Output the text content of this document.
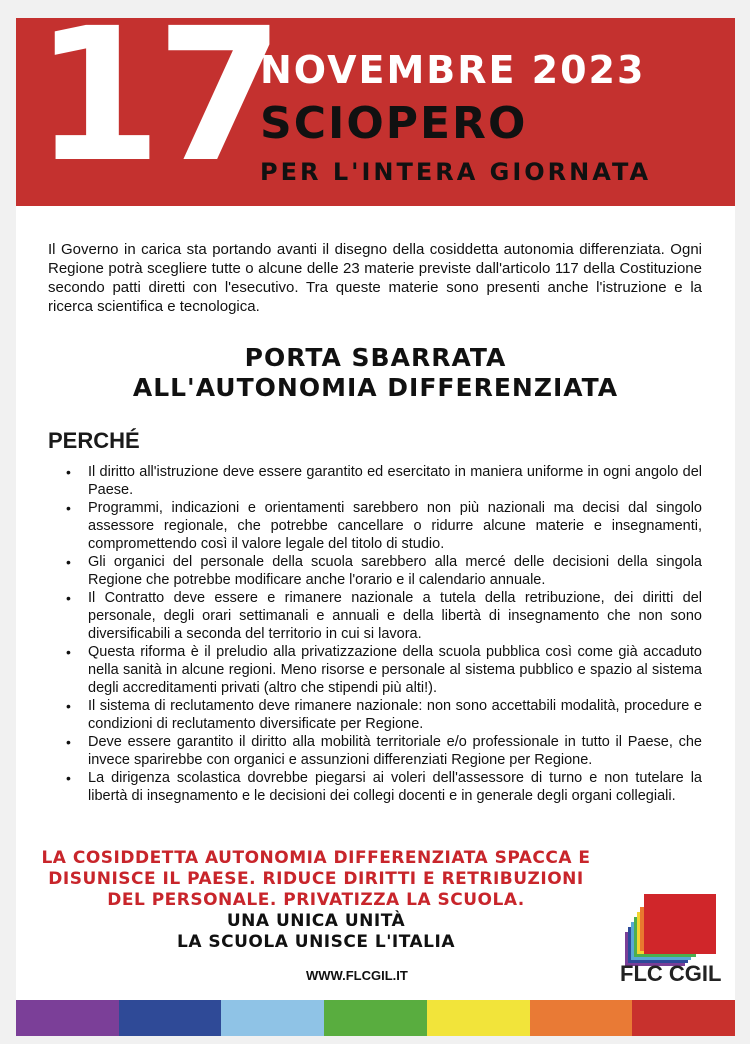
17
NOVEMBRE 2023
SCIOPERO
PER L'INTERA GIORNATA

Il Governo in carica sta portando avanti il disegno della cosiddetta autonomia differenziata. Ogni Regione potrà scegliere tutte o alcune delle 23 materie previste dall'articolo 117 della Costituzione secondo patti diretti con l'esecutivo. Tra queste materie sono presenti anche l'istruzione e la ricerca scientifica e tecnologica.

PORTA SBARRATA
ALL'AUTONOMIA DIFFERENZIATA
PERCHÉ
• Il diritto all'istruzione deve essere garantito ed esercitato in maniera uniforme in ogni angolo del Paese.
• Programmi, indicazioni e orientamenti sarebbero non più nazionali ma decisi dal singolo assessore regionale, che potrebbe cancellare o ridurre alcune materie e insegnamenti, compromettendo così il valore legale del titolo di studio.
• Gli organici del personale della scuola sarebbero alla mercé delle decisioni della singola Regione che potrebbe modificare anche l'orario e il calendario annuale.
• Il Contratto deve essere e rimanere nazionale a tutela della retribuzione, dei diritti del personale, degli orari settimanali e annuali e della libertà di insegnamento che non sono diversificabili a seconda del territorio in cui si lavora.
• Questa riforma è il preludio alla privatizzazione della scuola pubblica così come già accaduto nella sanità in alcune regioni. Meno risorse e personale al sistema pubblico e spazio al sistema degli accreditamenti privati (altro che stipendi più alti!).
• Il sistema di reclutamento deve rimanere nazionale: non sono accettabili modalità, procedure e condizioni di reclutamento diversificate per Regione.
• Deve essere garantito il diritto alla mobilità territoriale e/o professionale in tutto il Paese, che invece sparirebbe con organici e assunzioni differenziati Regione per Regione.
• La dirigenza scolastica dovrebbe piegarsi ai voleri dell'assessore di turno e non tutelare la libertà di insegnamento e le decisioni dei collegi docenti e in generale degli organi collegiali.
LA COSIDDETTA AUTONOMIA DIFFERENZIATA SPACCA E
DISUNISCE IL PAESE. RIDUCE DIRITTI E RETRIBUZIONI
DEL PERSONALE. PRIVATIZZA LA SCUOLA.
UNA UNICA UNITÀ
LA SCUOLA UNISCE L'ITALIA
WWW.FLCGIL.IT	FLC CGIL
